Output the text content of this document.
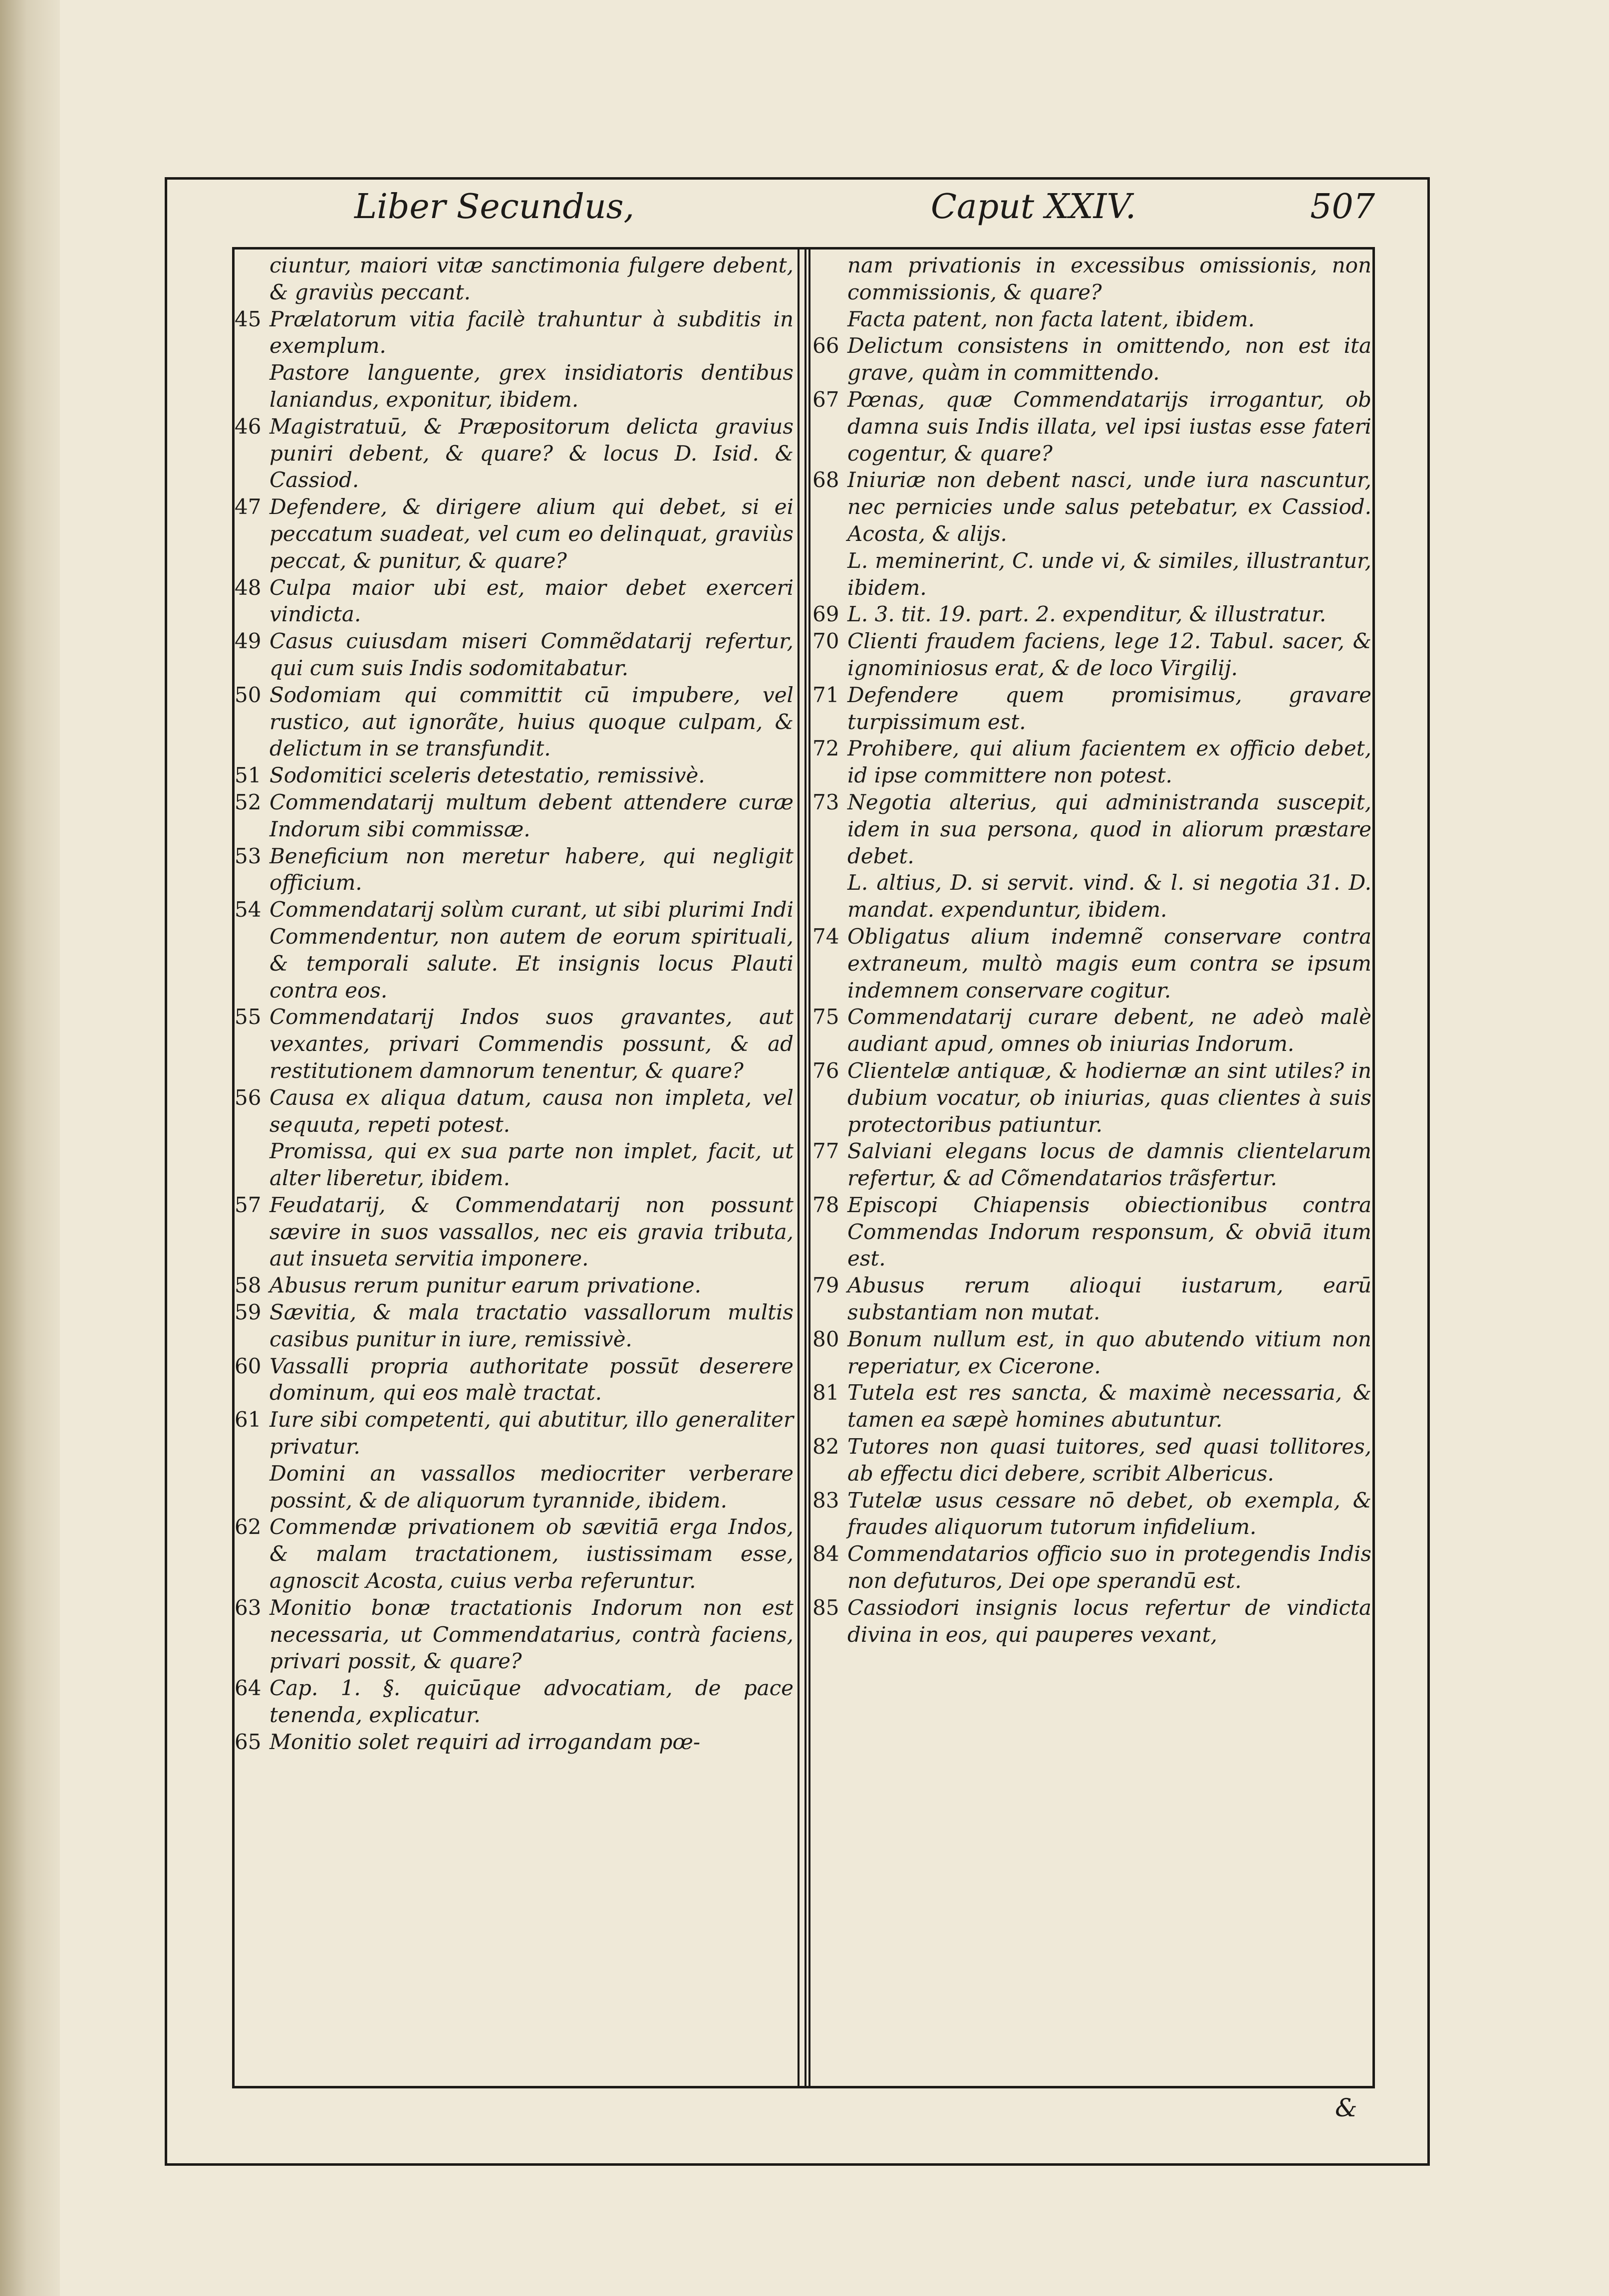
Liber Secundus,	Caput XXIV.	507
ciuntur, maiori vitæ sanctimonia fulgere debent, & graviùs peccant.
45 Prælatorum vitia facilè trahuntur à subditis in exemplum.
Pastore languente, grex insidiatoris dentibus laniandus, exponitur, ibidem.
46 Magistratuū, & Præpositorum delicta gravius puniri debent, & quare? & locus D. Isid. & Cassiod.
47 Defendere, & dirigere alium qui debet, si ei peccatum suadeat, vel cum eo delinquat, graviùs peccat, & punitur, & quare?
48 Culpa maior ubi est, maior debet exerceri vindicta.
49 Casus cuiusdam miseri Commẽdatarij refertur, qui cum suis Indis sodomitabatur.
50 Sodomiam qui committit cū impubere, vel rustico, aut ignorãte, huius quoque culpam, & delictum in se transfundit.
51 Sodomitici sceleris detestatio, remissivè.
52 Commendatarij multum debent attendere curæ Indorum sibi commissæ.
53 Beneficium non meretur habere, qui negligit officium.
54 Commendatarij solùm curant, ut sibi plurimi Indi Commendentur, non autem de eorum spirituali, & temporali salute. Et insignis locus Plauti contra eos.
55 Commendatarij Indos suos gravantes, aut vexantes, privari Commendis possunt, & ad restitutionem damnorum tenentur, & quare?
56 Causa ex aliqua datum, causa non impleta, vel sequuta, repeti potest.
Promissa, qui ex sua parte non implet, facit, ut alter liberetur, ibidem.
57 Feudatarij, & Commendatarij non possunt sævire in suos vassallos, nec eis gravia tributa, aut insueta servitia imponere.
58 Abusus rerum punitur earum privatione.
59 Sævitia, & mala tractatio vassallorum multis casibus punitur in iure, remissivè.
60 Vassalli propria authoritate possūt deserere dominum, qui eos malè tractat.
61 Iure sibi competenti, qui abutitur, illo generaliter privatur.
Domini an vassallos mediocriter verberare possint, & de aliquorum tyrannide, ibidem.
62 Commendæ privationem ob sævitiā erga Indos, & malam tractationem, iustissimam esse, agnoscit Acosta, cuius verba referuntur.
63 Monitio bonæ tractationis Indorum non est necessaria, ut Commendatarius, contrà faciens, privari possit, & quare?
64 Cap. 1. §. quicūque advocatiam, de pace tenenda, explicatur.
65 Monitio solet requiri ad irrogandam pœ-
nam privationis in excessibus omissionis, non commissionis, & quare?
Facta patent, non facta latent, ibidem.
66 Delictum consistens in omittendo, non est ita grave, quàm in committendo.
67 Pœnas, quæ Commendatarijs irrogantur, ob damna suis Indis illata, vel ipsi iustas esse fateri cogentur, & quare?
68 Iniuriæ non debent nasci, unde iura nascuntur, nec pernicies unde salus petebatur, ex Cassiod. Acosta, & alijs.
L. meminerint, C. unde vi, & similes, illustrantur, ibidem.
69 L. 3. tit. 19. part. 2. expenditur, & illustratur.
70 Clienti fraudem faciens, lege 12. Tabul. sacer, & ignominiosus erat, & de loco Virgilij.
71 Defendere quem promisimus, gravare turpissimum est.
72 Prohibere, qui alium facientem ex officio debet, id ipse committere non potest.
73 Negotia alterius, qui administranda suscepit, idem in sua persona, quod in aliorum præstare debet.
L. altius, D. si servit. vind. & l. si negotia 31. D. mandat. expenduntur, ibidem.
74 Obligatus alium indemnẽ conservare contra extraneum, multò magis eum contra se ipsum indemnem conservare cogitur.
75 Commendatarij curare debent, ne adeò malè audiant apud, omnes ob iniurias Indorum.
76 Clientelæ antiquæ, & hodiernæ an sint utiles? in dubium vocatur, ob iniurias, quas clientes à suis protectoribus patiuntur.
77 Salviani elegans locus de damnis clientelarum refertur, & ad Cõmendatarios trãsfertur.
78 Episcopi Chiapensis obiectionibus contra Commendas Indorum responsum, & obviā itum est.
79 Abusus rerum alioqui iustarum, earū substantiam non mutat.
80 Bonum nullum est, in quo abutendo vitium non reperiatur, ex Cicerone.
81 Tutela est res sancta, & maximè necessaria, & tamen ea sæpè homines abutuntur.
82 Tutores non quasi tuitores, sed quasi tollitores, ab effectu dici debere, scribit Albericus.
83 Tutelæ usus cessare nō debet, ob exempla, & fraudes aliquorum tutorum infidelium.
84 Commendatarios officio suo in protegendis Indis non defuturos, Dei ope sperandū est.
85 Cassiodori insignis locus refertur de vindicta divina in eos, qui pauperes vexant,
&
